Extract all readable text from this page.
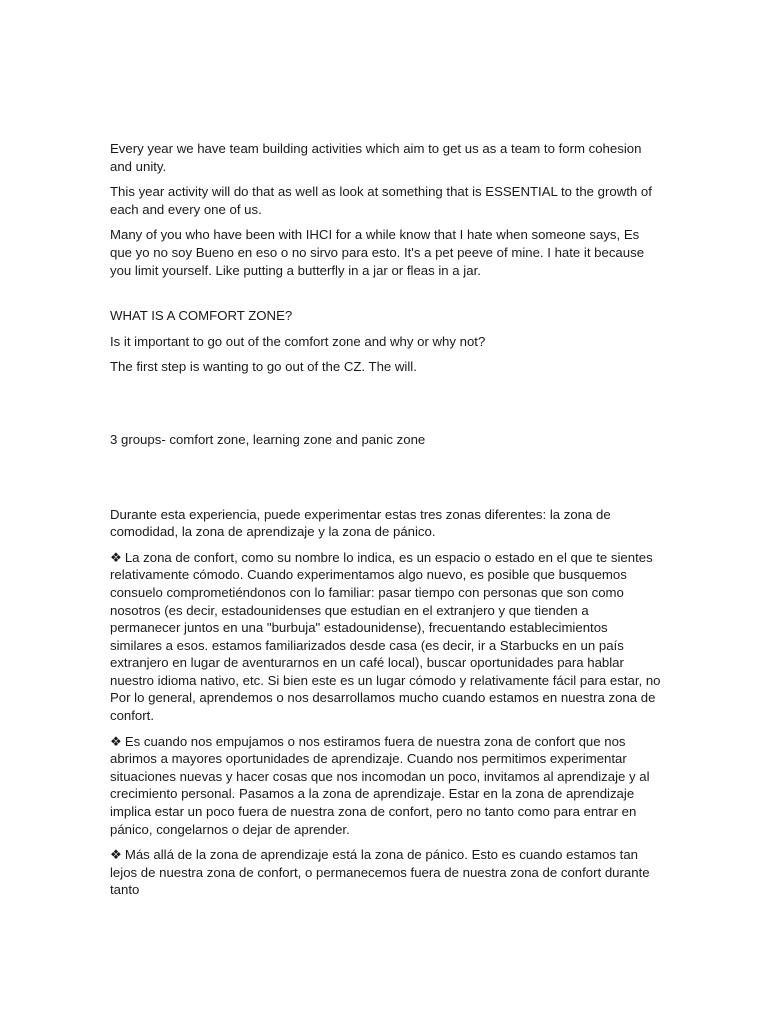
Every year we have team building activities which aim to get us as a team to form cohesion and unity.

This year activity will do that as well as look at something that is ESSENTIAL to the growth of each and every one of us.

Many of you who have been with IHCI for a while know that I hate when someone says, Es que yo no soy Bueno en eso o no sirvo para esto. It's a pet peeve of mine. I hate it because you limit yourself. Like putting a butterfly in a jar or fleas in a jar.

WHAT IS A COMFORT ZONE?

Is it important to go out of the comfort zone and why or why not?

The first step is wanting to go out of the CZ. The will.

3 groups- comfort zone, learning zone and panic zone

Durante esta experiencia, puede experimentar estas tres zonas diferentes: la zona de comodidad, la zona de aprendizaje y la zona de pánico.

❖ La zona de confort, como su nombre lo indica, es un espacio o estado en el que te sientes relativamente cómodo. Cuando experimentamos algo nuevo, es posible que busquemos consuelo comprometiéndonos con lo familiar: pasar tiempo con personas que son como nosotros (es decir, estadounidenses que estudian en el extranjero y que tienden a permanecer juntos en una "burbuja" estadounidense), frecuentando establecimientos similares a esos. estamos familiarizados desde casa (es decir, ir a Starbucks en un país extranjero en lugar de aventurarnos en un café local), buscar oportunidades para hablar nuestro idioma nativo, etc. Si bien este es un lugar cómodo y relativamente fácil para estar, no Por lo general, aprendemos o nos desarrollamos mucho cuando estamos en nuestra zona de confort.

❖ Es cuando nos empujamos o nos estiramos fuera de nuestra zona de confort que nos abrimos a mayores oportunidades de aprendizaje. Cuando nos permitimos experimentar situaciones nuevas y hacer cosas que nos incomodan un poco, invitamos al aprendizaje y al crecimiento personal. Pasamos a la zona de aprendizaje. Estar en la zona de aprendizaje implica estar un poco fuera de nuestra zona de confort, pero no tanto como para entrar en pánico, congelarnos o dejar de aprender.

❖ Más allá de la zona de aprendizaje está la zona de pánico. Esto es cuando estamos tan lejos de nuestra zona de confort, o permanecemos fuera de nuestra zona de confort durante tanto
